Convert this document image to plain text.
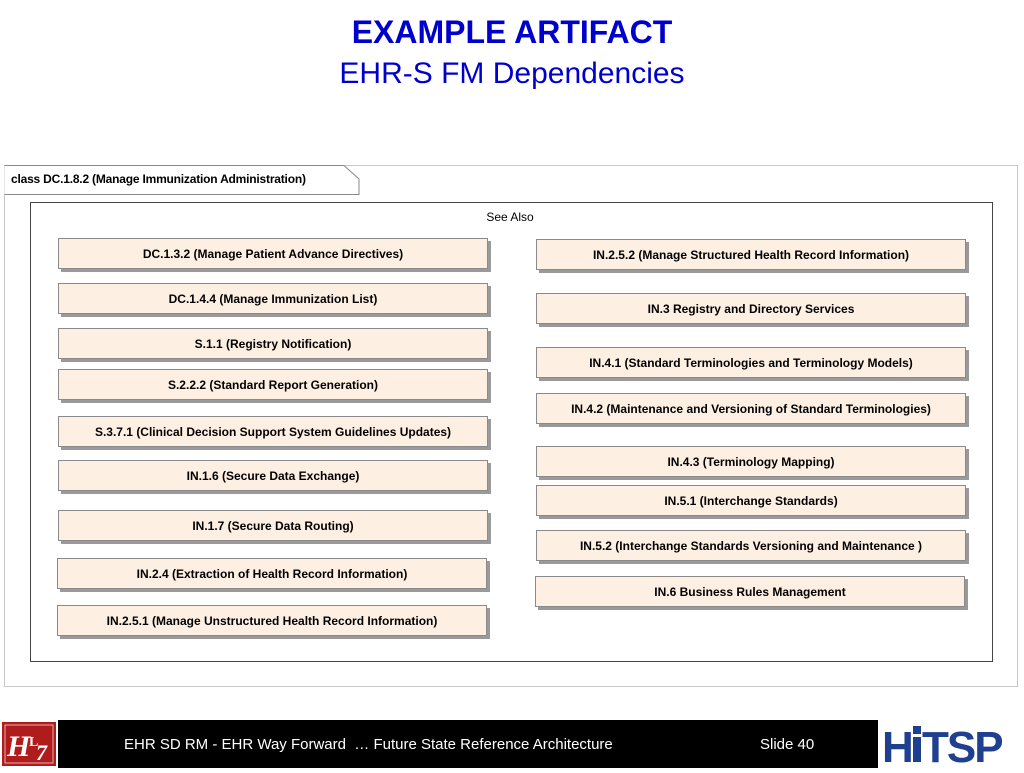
EXAMPLE ARTIFACT
EHR-S FM Dependencies
class DC.1.8.2 (Manage Immunization Administration)
See Also
DC.1.3.2 (Manage Patient Advance Directives)
DC.1.4.4 (Manage Immunization List)
S.1.1 (Registry Notification)
S.2.2.2 (Standard Report Generation)
S.3.7.1 (Clinical Decision Support System Guidelines Updates)
IN.1.6 (Secure Data Exchange)
IN.1.7 (Secure Data Routing)
IN.2.4 (Extraction of Health Record Information)
IN.2.5.1 (Manage Unstructured Health Record Information)
IN.2.5.2 (Manage Structured Health Record Information)
IN.3 Registry and Directory Services
IN.4.1 (Standard Terminologies and Terminology Models)
IN.4.2 (Maintenance and Versioning of Standard Terminologies)
IN.4.3 (Terminology Mapping)
IN.5.1 (Interchange Standards)
IN.5.2 (Interchange Standards Versioning and Maintenance )
IN.6 Business Rules Management
EHR SD RM - EHR Way Forward  … Future State Reference Architecture	Slide 40
H
L
7	H TSP
